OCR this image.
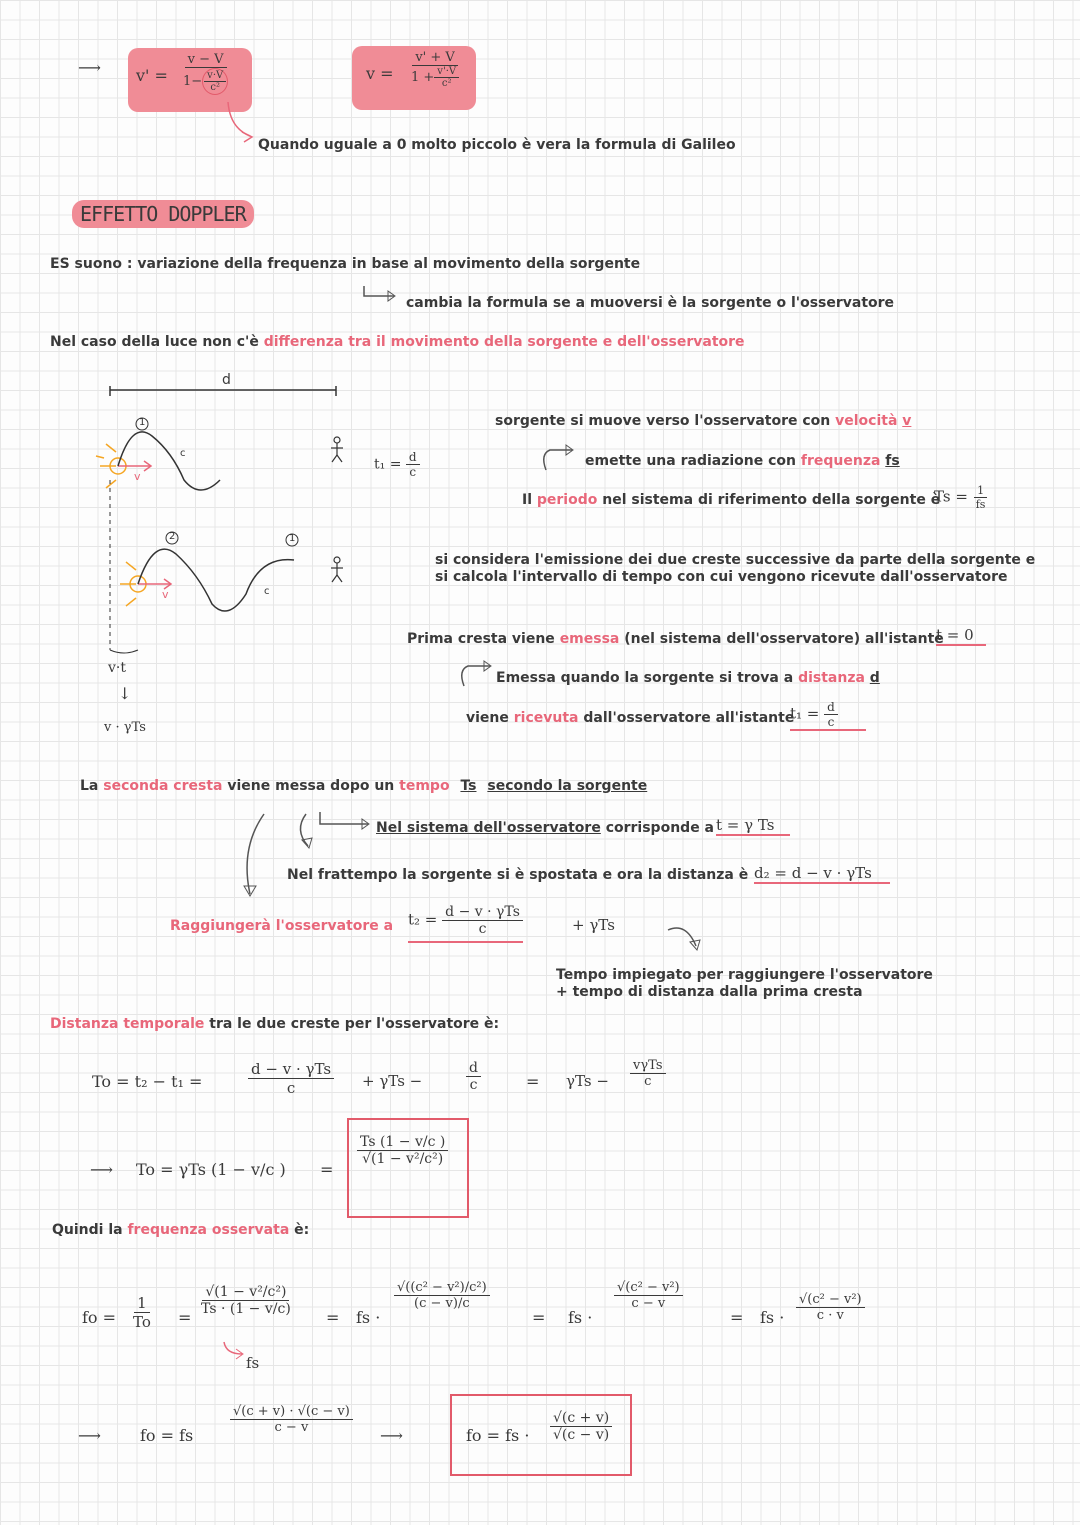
⟶ $v' = \frac{v - V}{1- \frac{v\cdot V}{\text{c²}}}$	$v = \frac{v' + V}{1 + \frac{v'\cdot V}{\text{c²}}}$
Quando uguale a 0 molto piccolo è vera la formula di Galileo
EFFETTO DOPPLER
ES suono : variazione della frequenza in base al movimento della sorgente
cambia la formula se a muoversi è la sorgente o l'osservatore
Nel caso della luce non c'è differenza tra il movimento della sorgente e dell'osservatore
d
1
2	1
c
c
v
v
$t_1 = \frac{d}{c}$
v·t
↓
v · γTs
sorgente si muove verso l'osservatore con velocità v
emette una radiazione con frequenza fs
Il periodo nel sistema di riferimento della sorgente è
$Ts = \frac{1}{fs}$
si considera l'emissione dei due creste successive da parte della sorgente e
si calcola l'intervallo di tempo con cui vengono ricevute dall'osservatore
Prima cresta viene emessa (nel sistema dell'osservatore) all'istante
t = 0
Emessa quando la sorgente si trova a distanza d
viene ricevuta dall'osservatore all'istante
$t_1 = \frac{d}{c}$
La seconda cresta viene messa dopo un tempo Ts secondo la sorgente
Nel sistema dell'osservatore corrisponde a t = γ Ts
Nel frattempo la sorgente si è spostata e ora la distanza è d₂ = d − v · γTs
Raggiungerà l'osservatore a $t_2 = \frac{\text{d − v · γTs}}{c}$	+ γTs
Tempo impiegato per raggiungere l'osservatore
+ tempo di distanza dalla prima cresta
Distanza temporale tra le due creste per l'osservatore è:
To = t₂ − t₁ =
d − v · γTs
c	+ γTs −	$\frac{d}{c}$	= γTs −
vγTs
c
⟶ To = γTs (1 − v/c ) =
$\frac{Ts (1 - v/c )}{\text{√(1 − v²/c²)}}$
Quindi la frequenza osservata è:
fo = $\frac{1}{To}$ =
$\frac{\text{√(1 − v²/c²)}}{Ts \cdot (1 - v/c)}$
fs
= fs ·
$\frac{\text{√((c² − v²)/c²)}}{(c - v)/c}$
= fs ·
$\frac{\text{√(c² − v²)}}{c - v}$
= fs · $\frac{\text{√(c² − v²)}}{c \cdot v}$
⟶ fo = fs
$\frac{√(c + v) \cdot √(c - v)}{c - v}$
⟶	fo = fs · $\frac{√(c + v)}{√(c - v)}$
